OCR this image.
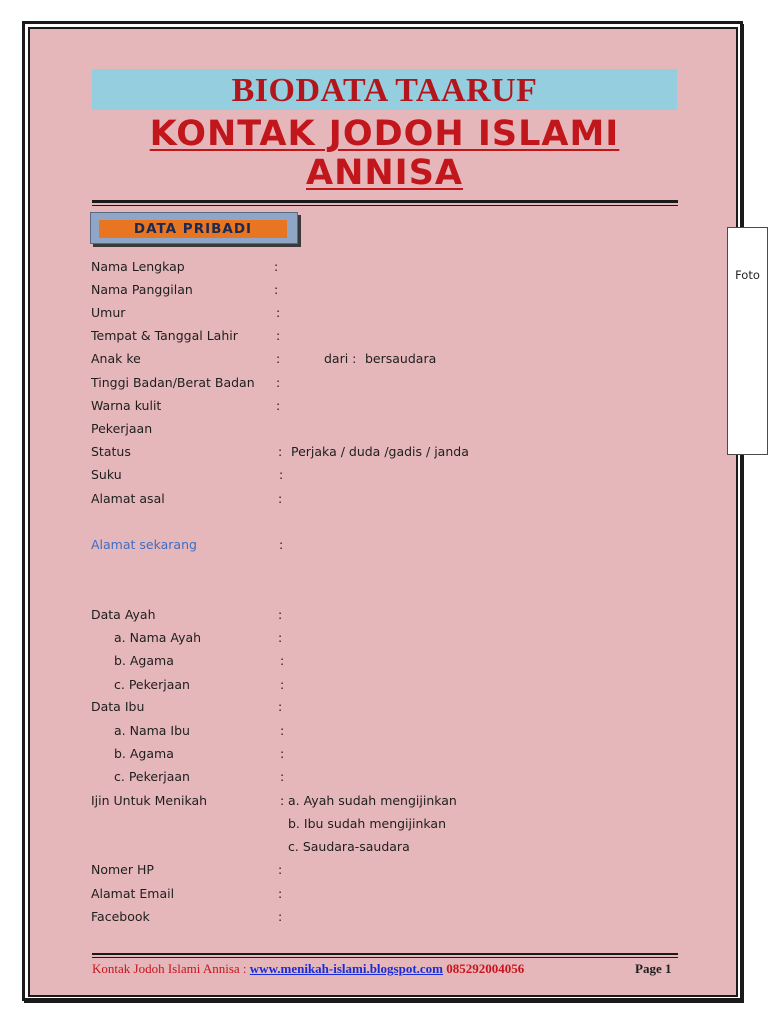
BIODATA TAARUF
KONTAK JODOH ISLAMI
ANNISA
DATA PRIBADI
Foto
Nama Lengkap	:
Nama Panggilan	:
Umur	:
Tempat & Tanggal Lahir	:
Anak ke	:	dari : bersaudara
Tinggi Badan/Berat Badan :
Warna kulit	:
Pekerjaan
Status	: Perjaka / duda /gadis / janda
Suku	:
Alamat asal	:
Alamat sekarang	:
Data Ayah	:
a. Nama Ayah	:
b. Agama	:
c. Pekerjaan	:
Data Ibu	:
a. Nama Ibu	:
b. Agama	:
c. Pekerjaan	:
Ijin Untuk Menikah	: a. Ayah sudah mengijinkan
b. Ibu sudah mengijinkan
c. Saudara-saudara
Nomer HP	:
Alamat Email	:
Facebook	:
Kontak Jodoh Islami Annisa : www.menikah-islami.blogspot.com 085292004056	Page 1
